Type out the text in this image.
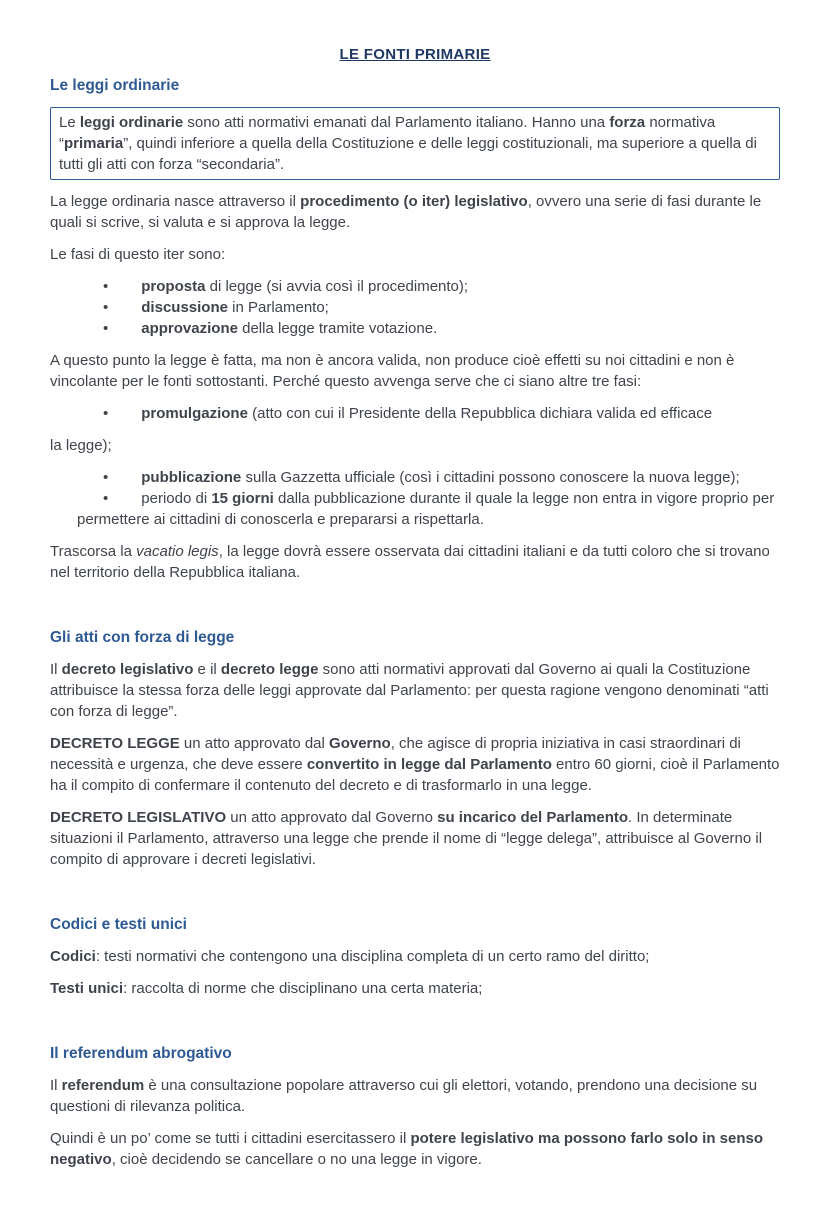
LE FONTI PRIMARIE
Le leggi ordinarie

Le leggi ordinarie sono atti normativi emanati dal Parlamento italiano. Hanno una forza normativa “primaria”, quindi inferiore a quella della Costituzione e delle leggi costituzionali, ma superiore a quella di tutti gli atti con forza “secondaria”.

La legge ordinaria nasce attraverso il procedimento (o iter) legislativo, ovvero una serie di fasi durante le quali si scrive, si valuta e si approva la legge.

Le fasi di questo iter sono:

• proposta di legge (si avvia così il procedimento);
• discussione in Parlamento;
• approvazione della legge tramite votazione.

A questo punto la legge è fatta, ma non è ancora valida, non produce cioè effetti su noi cittadini e non è vincolante per le fonti sottostanti. Perché questo avvenga serve che ci siano altre tre fasi:

• promulgazione (atto con cui il Presidente della Repubblica dichiara valida ed efficace

la legge);

• pubblicazione sulla Gazzetta ufficiale (così i cittadini possono conoscere la nuova legge);
• periodo di 15 giorni dalla pubblicazione durante il quale la legge non entra in vigore proprio per permettere ai cittadini di conoscerla e prepararsi a rispettarla.

Trascorsa la vacatio legis, la legge dovrà essere osservata dai cittadini italiani e da tutti coloro che si trovano nel territorio della Repubblica italiana.

Gli atti con forza di legge

Il decreto legislativo e il decreto legge sono atti normativi approvati dal Governo ai quali la Costituzione attribuisce la stessa forza delle leggi approvate dal Parlamento: per questa ragione vengono denominati “atti con forza di legge”.

DECRETO LEGGE un atto approvato dal Governo, che agisce di propria iniziativa in casi straordinari di necessità e urgenza, che deve essere convertito in legge dal Parlamento entro 60 giorni, cioè il Parlamento ha il compito di confermare il contenuto del decreto e di trasformarlo in una legge.

DECRETO LEGISLATIVO un atto approvato dal Governo su incarico del Parlamento. In determinate situazioni il Parlamento, attraverso una legge che prende il nome di “legge delega”, attribuisce al Governo il compito di approvare i decreti legislativi.

Codici e testi unici

Codici: testi normativi che contengono una disciplina completa di un certo ramo del diritto;

Testi unici: raccolta di norme che disciplinano una certa materia;

Il referendum abrogativo

Il referendum è una consultazione popolare attraverso cui gli elettori, votando, prendono una decisione su questioni di rilevanza politica.

Quindi è un po’ come se tutti i cittadini esercitassero il potere legislativo ma possono farlo solo in senso negativo, cioè decidendo se cancellare o no una legge in vigore.
